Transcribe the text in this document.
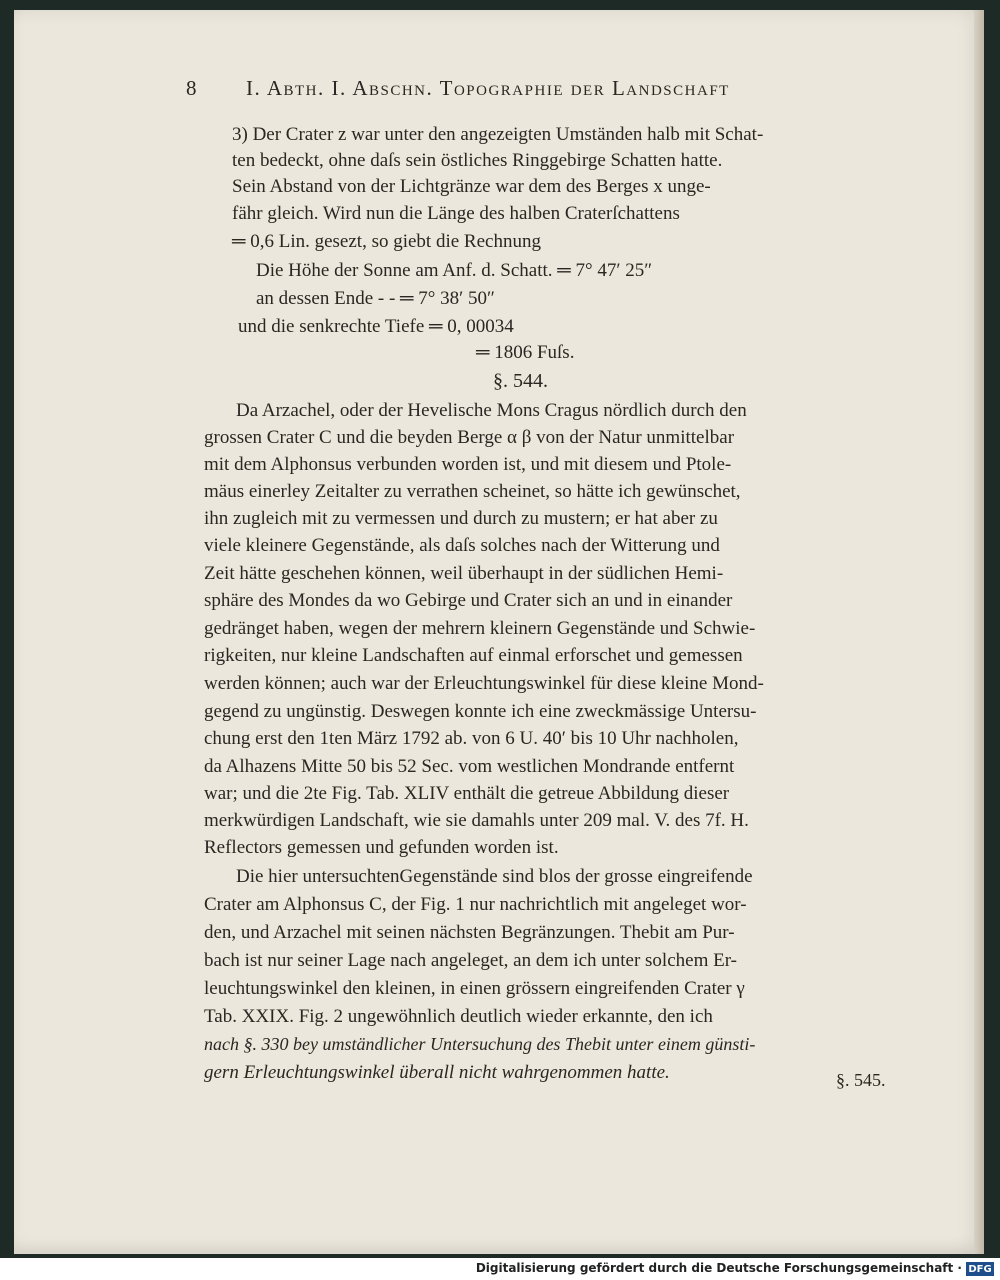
8 I. Abth. I. Abschn. Topographie der Landschaft
3) Der Crater z war unter den angezeigten Umständen halb mit Schat-
ten bedeckt, ohne daſs sein östliches Ringgebirge Schatten hatte.
Sein Abstand von der Lichtgränze war dem des Berges x unge-
fähr gleich. Wird nun die Länge des halben Craterſchattens
═ 0,6 Lin. gesezt, so giebt die Rechnung
Die Höhe der Sonne am Anf. d. Schatt. ═ 7° 47′ 25″
an dessen Ende - - ═ 7° 38′ 50″
und die senkrechte Tiefe ═ 0, 00034
═ 1806 Fuſs.
§. 544.
Da Arzachel, oder der Hevelische Mons Cragus nördlich durch den
grossen Crater C und die beyden Berge α β von der Natur unmittelbar
mit dem Alphonsus verbunden worden ist, und mit diesem und Ptole-
mäus einerley Zeitalter zu verrathen scheinet, so hätte ich gewünschet,
ihn zugleich mit zu vermessen und durch zu mustern; er hat aber zu
viele kleinere Gegenstände, als daſs solches nach der Witterung und
Zeit hätte geschehen können, weil überhaupt in der südlichen Hemi-
sphäre des Mondes da wo Gebirge und Crater sich an und in einander
gedränget haben, wegen der mehrern kleinern Gegenstände und Schwie-
rigkeiten, nur kleine Landschaften auf einmal erforschet und gemessen
werden können; auch war der Erleuchtungswinkel für diese kleine Mond-
gegend zu ungünstig. Deswegen konnte ich eine zweckmässige Untersu-
chung erst den 1ten März 1792 ab. von 6 U. 40′ bis 10 Uhr nachholen,
da Alhazens Mitte 50 bis 52 Sec. vom westlichen Mondrande entfernt
war; und die 2te Fig. Tab. XLIV enthält die getreue Abbildung dieser
merkwürdigen Landschaft, wie sie damahls unter 209 mal. V. des 7f. H.
Reflectors gemessen und gefunden worden ist.
Die hier untersuchtenGegenstände sind blos der grosse eingreifende
Crater am Alphonsus C, der Fig. 1 nur nachrichtlich mit angeleget wor-
den, und Arzachel mit seinen nächsten Begränzungen. Thebit am Pur-
bach ist nur seiner Lage nach angeleget, an dem ich unter solchem Er-
leuchtungswinkel den kleinen, in einen grössern eingreifenden Crater γ
Tab. XXIX. Fig. 2 ungewöhnlich deutlich wieder erkannte, den ich
nach §. 330 bey umständlicher Untersuchung des Thebit unter einem günsti-
gern Erleuchtungswinkel überall nicht wahrgenommen hatte.	§. 545.
Digitalisierung gefördert durch die Deutsche Forschungsgemeinschaft · DFG
